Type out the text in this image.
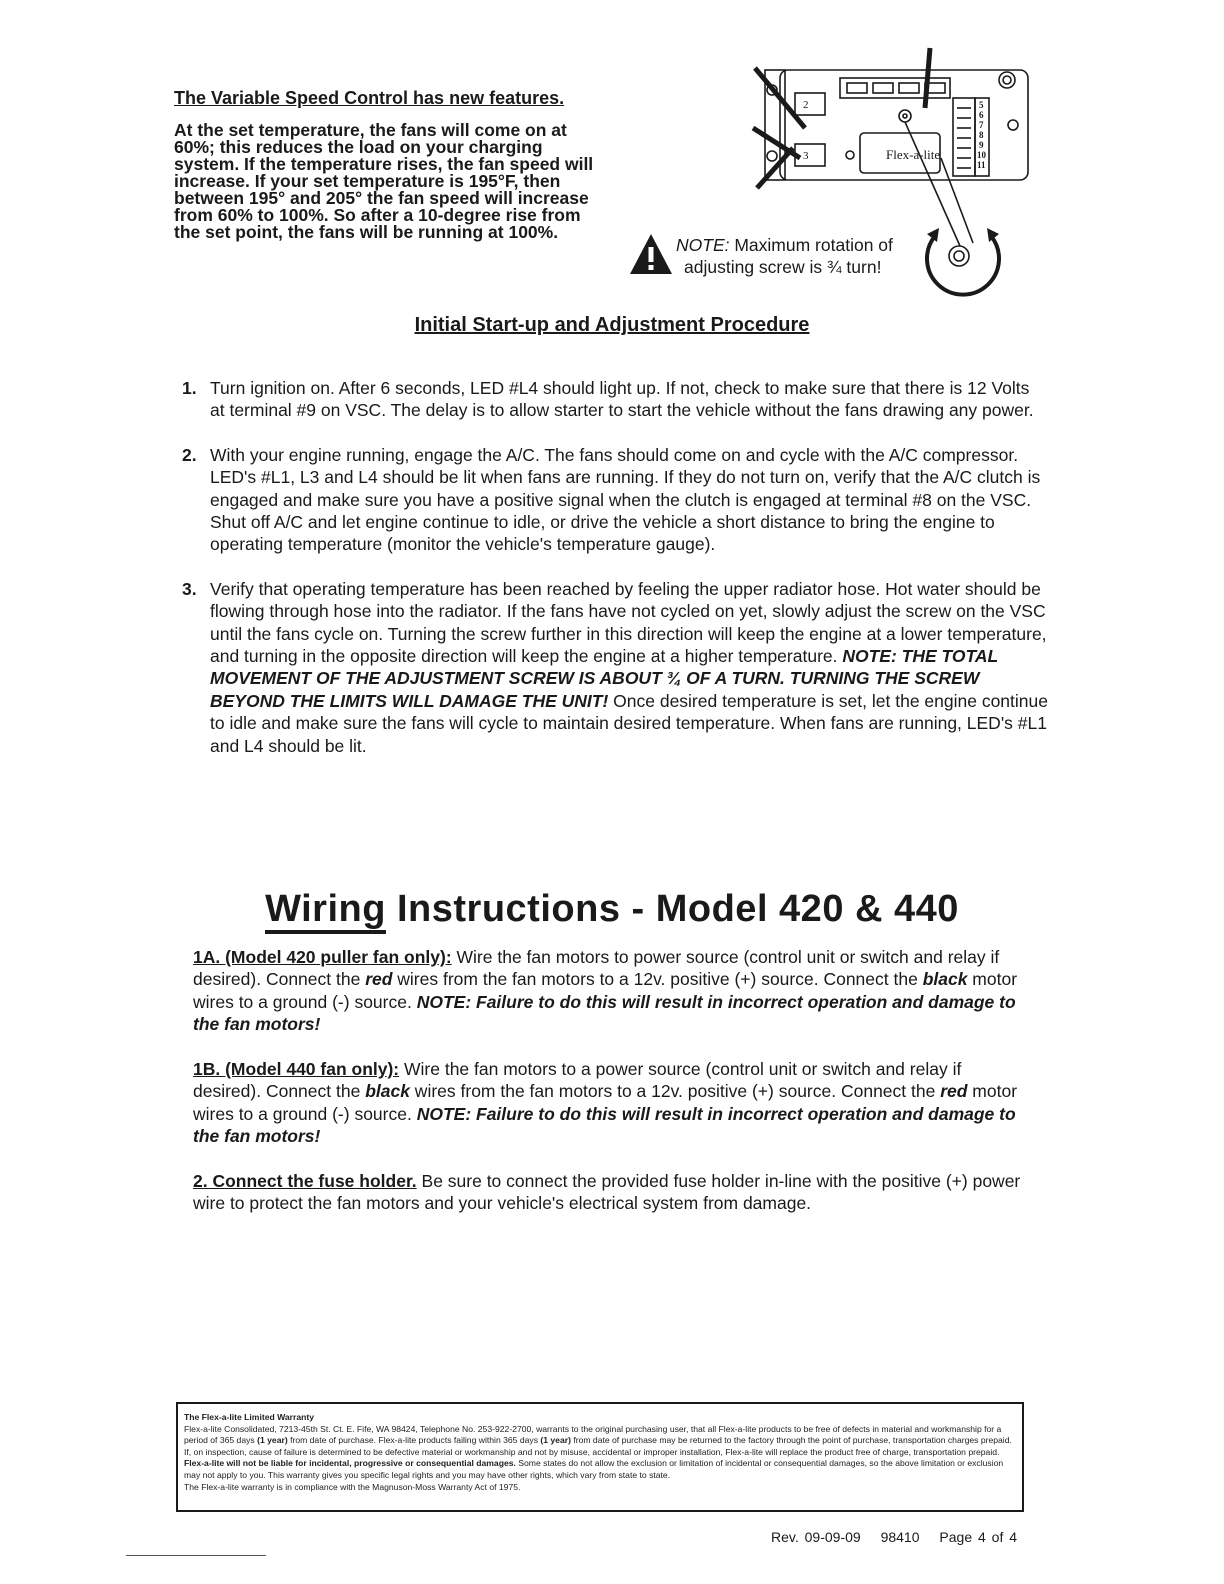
The Variable Speed Control has new features.
At the set temperature, the fans will come on at 60%; this reduces the load on your charging system. If the temperature rises, the fan speed will increase. If your set temperature is 195°F, then between 195° and 205° the fan speed will increase from 60% to 100%. So after a 10-degree rise from the set point, the fans will be running at 100%.
Flex-a-lite
2
3
5
6
7
8
9
10
11
NOTE: Maximum rotation of
adjusting screw is ¾ turn!
Initial Start-up and Adjustment Procedure
1. Turn ignition on. After 6 seconds, LED #L4 should light up. If not, check to make sure that there is 12 Volts at terminal #9 on VSC. The delay is to allow starter to start the vehicle without the fans drawing any power.
2. With your engine running, engage the A/C. The fans should come on and cycle with the A/C compressor. LED's #L1, L3 and L4 should be lit when fans are running. If they do not turn on, verify that the A/C clutch is engaged and make sure you have a positive signal when the clutch is engaged at terminal #8 on the VSC. Shut off A/C and let engine continue to idle, or drive the vehicle a short distance to bring the engine to operating temperature (monitor the vehicle's temperature gauge).
3. Verify that operating temperature has been reached by feeling the upper radiator hose. Hot water should be flowing through hose into the radiator. If the fans have not cycled on yet, slowly adjust the screw on the VSC until the fans cycle on. Turning the screw further in this direction will keep the engine at a lower temperature, and turning in the opposite direction will keep the engine at a higher temperature. NOTE: THE TOTAL MOVEMENT OF THE ADJUSTMENT SCREW IS ABOUT ¾ OF A TURN. TURNING THE SCREW BEYOND THE LIMITS WILL DAMAGE THE UNIT! Once desired temperature is set, let the engine continue to idle and make sure the fans will cycle to maintain desired temperature. When fans are running, LED's #L1 and L4 should be lit.
Wiring Instructions - Model 420 & 440
1A. (Model 420 puller fan only): Wire the fan motors to power source (control unit or switch and relay if desired). Connect the red wires from the fan motors to a 12v. positive (+) source. Connect the black motor wires to a ground (-) source. NOTE: Failure to do this will result in incorrect operation and damage to the fan motors!
1B. (Model 440 fan only): Wire the fan motors to a power source (control unit or switch and relay if desired). Connect the black wires from the fan motors to a 12v. positive (+) source. Connect the red motor wires to a ground (-) source. NOTE: Failure to do this will result in incorrect operation and damage to the fan motors!
2. Connect the fuse holder. Be sure to connect the provided fuse holder in-line with the positive (+) power wire to protect the fan motors and your vehicle's electrical system from damage.
The Flex-a-lite Limited Warranty
Flex-a-lite Consolidated, 7213-45th St. Ct. E. Fife, WA 98424, Telephone No. 253-922-2700, warrants to the original purchasing user, that all Flex-a-lite products to be free of defects in material and workmanship for a period of 365 days (1 year) from date of purchase. Flex-a-lite products failing within 365 days (1 year) from date of purchase may be returned to the factory through the point of purchase, transportation charges prepaid. If, on inspection, cause of failure is determined to be defective material or workmanship and not by misuse, accidental or improper installation, Flex-a-lite will replace the product free of charge, transportation prepaid. Flex-a-lite will not be liable for incidental, progressive or consequential damages. Some states do not allow the exclusion or limitation of incidental or consequential damages, so the above limitation or exclusion may not apply to you. This warranty gives you specific legal rights and you may have other rights, which vary from state to state.
The Flex-a-lite warranty is in compliance with the Magnuson-Moss Warranty Act of 1975.
Rev. 09-09-09 98410 Page 4 of 4
